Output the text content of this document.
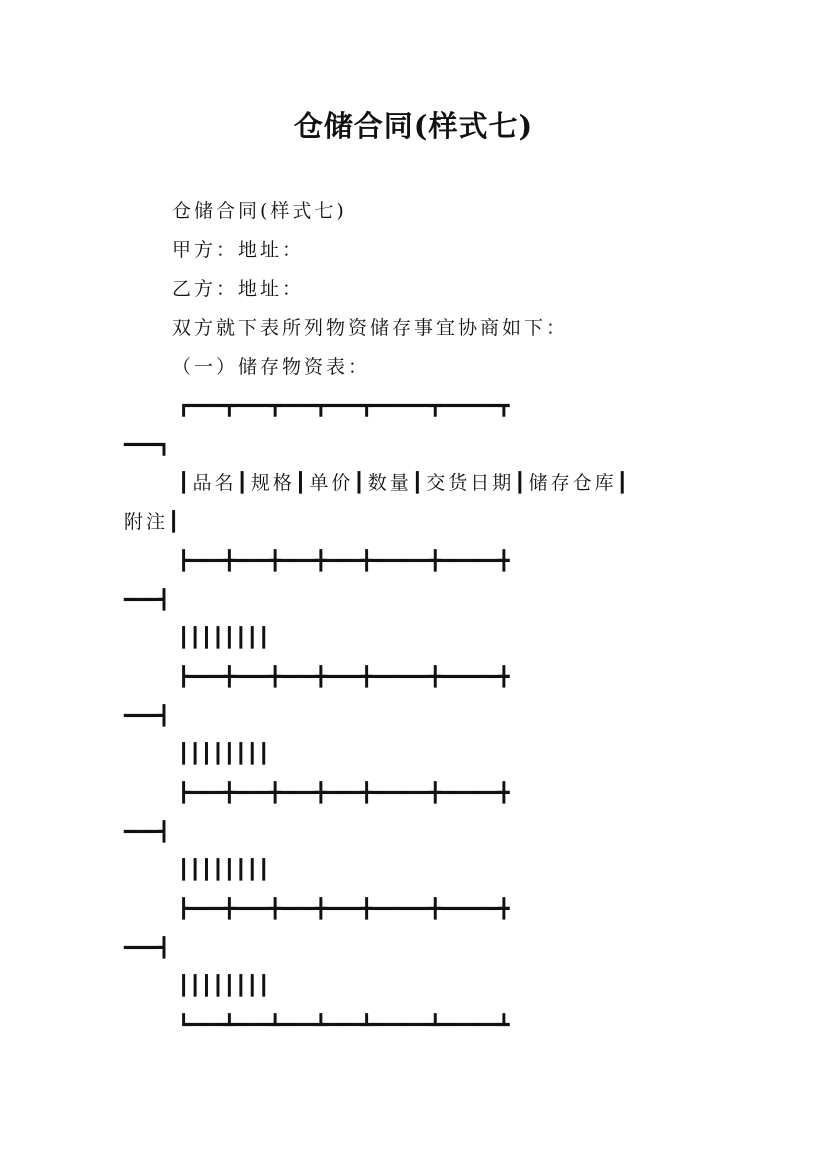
仓储合同(样式七)
仓储合同(样式七)
甲方：地址：
乙方：地址：
双方就下表所列物资储存事宜协商如下：
（一）储存物资表：
┏━━━┳━━━┳━━━┳━━━┳━━━━━┳━━━━━┳
━━━┓
┃品名┃规格┃单价┃数量┃交货日期┃储存仓库┃
附注┃
┣━━━╋━━━╋━━━╋━━━╋━━━━━╋━━━━━╋
━━━┫
┃┃┃┃┃┃┃┃
┣━━━╋━━━╋━━━╋━━━╋━━━━━╋━━━━━╋
━━━┫
┃┃┃┃┃┃┃┃
┣━━━╋━━━╋━━━╋━━━╋━━━━━╋━━━━━╋
━━━┫
┃┃┃┃┃┃┃┃
┣━━━╋━━━╋━━━╋━━━╋━━━━━╋━━━━━╋
━━━┫
┃┃┃┃┃┃┃┃
┗━━━┻━━━┻━━━┻━━━┻━━━━━┻━━━━━┻
